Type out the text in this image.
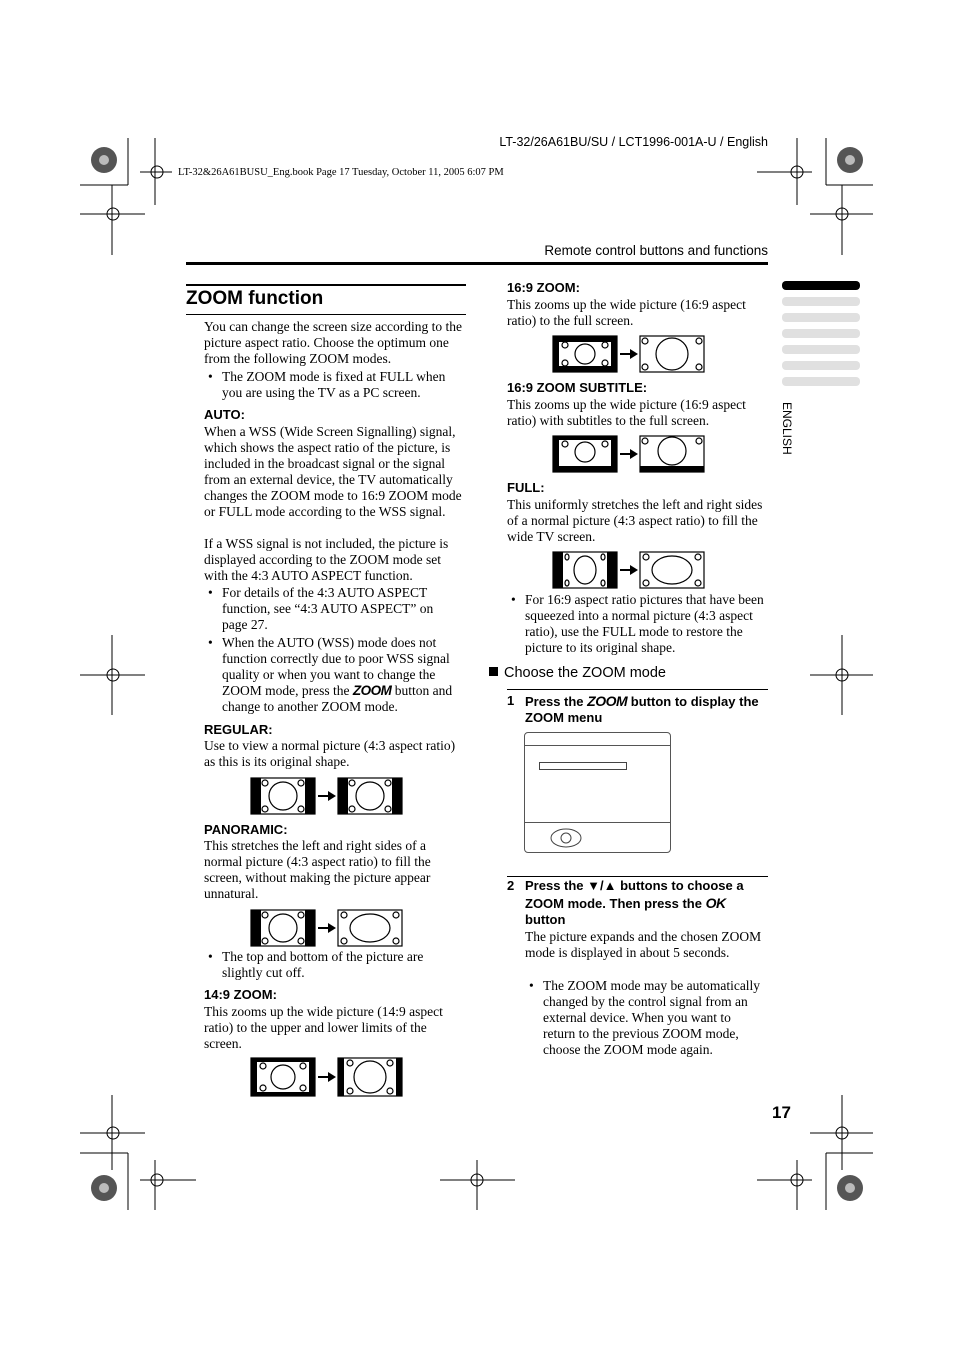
LT-32/26A61BU/SU / LCT1996-001A-U / English
LT-32&26A61BUSU_Eng.book Page 17 Tuesday, October 11, 2005 6:07 PM
Remote control buttons and functions
ENGLISH
ZOOM function
You can change the screen size according to the picture aspect ratio. Choose the optimum one from the following ZOOM modes.
• The ZOOM mode is fixed at FULL when you are using the TV as a PC screen.
AUTO:
When a WSS (Wide Screen Signalling) signal, which shows the aspect ratio of the picture, is included in the broadcast signal or the signal from an external device, the TV automatically changes the ZOOM mode to 16:9 ZOOM mode or FULL mode according to the WSS signal.
If a WSS signal is not included, the picture is displayed according to the ZOOM mode set with the 4:3 AUTO ASPECT function.
• For details of the 4:3 AUTO ASPECT function, see “4:3 AUTO ASPECT” on page 27.
• When the AUTO (WSS) mode does not function correctly due to poor WSS signal quality or when you want to change the ZOOM mode, press the ZOOM button and change to another ZOOM mode.
REGULAR:
Use to view a normal picture (4:3 aspect ratio) as this is its original shape.
PANORAMIC:
This stretches the left and right sides of a normal picture (4:3 aspect ratio) to fill the screen, without making the picture appear unnatural.
• The top and bottom of the picture are slightly cut off.
14:9 ZOOM:
This zooms up the wide picture (14:9 aspect ratio) to the upper and lower limits of the screen.
16:9 ZOOM:
This zooms up the wide picture (16:9 aspect ratio) to the full screen.
16:9 ZOOM SUBTITLE:
This zooms up the wide picture (16:9 aspect ratio) with subtitles to the full screen.
FULL:
This uniformly stretches the left and right sides of a normal picture (4:3 aspect ratio) to fill the wide TV screen.
• For 16:9 aspect ratio pictures that have been squeezed into a normal picture (4:3 aspect ratio), use the FULL mode to restore the picture to its original shape.
Choose the ZOOM mode
1 Press the ZOOM button to display the ZOOM menu
2 Press the ▼/▲ buttons to choose a ZOOM mode. Then press the OK button
The picture expands and the chosen ZOOM mode is displayed in about 5 seconds.
• The ZOOM mode may be automatically changed by the control signal from an external device. When you want to return to the previous ZOOM mode, choose the ZOOM mode again.
17
